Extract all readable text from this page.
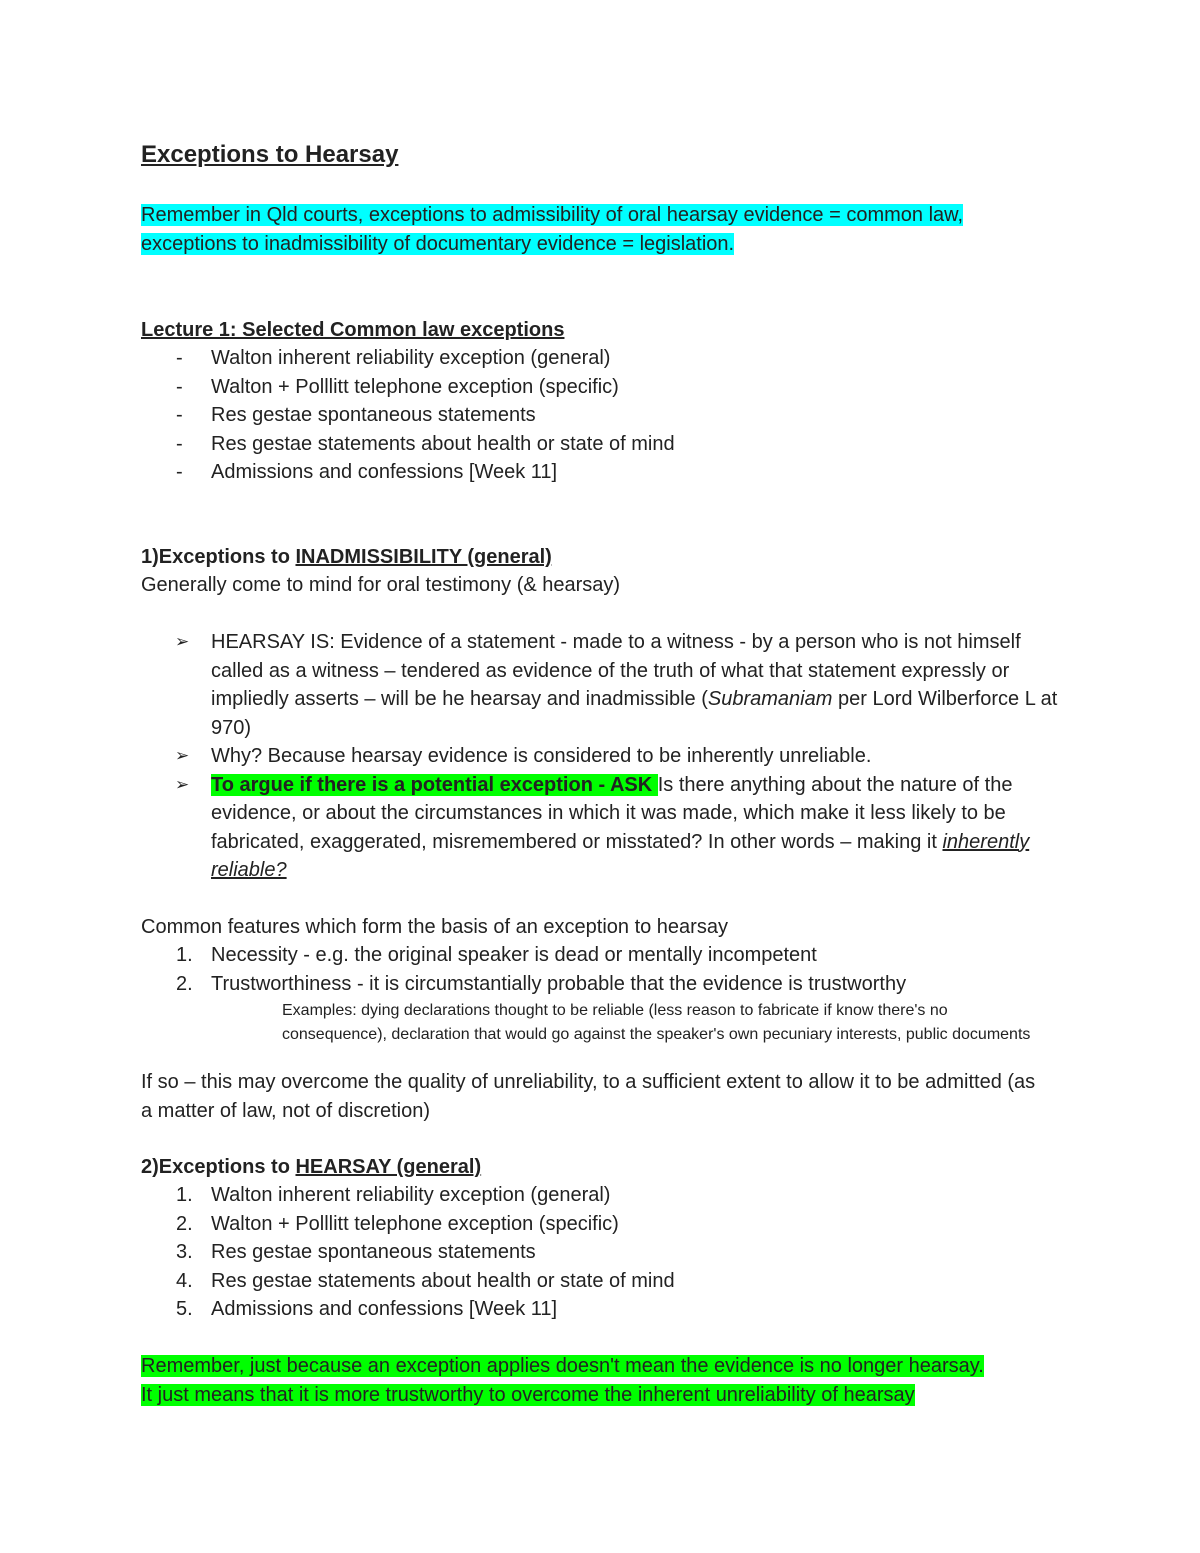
Exceptions to Hearsay
Remember in Qld courts, exceptions to admissibility of oral hearsay evidence = common law,
exceptions to inadmissibility of documentary evidence = legislation.
Lecture 1: Selected Common law exceptions
- Walton inherent reliability exception (general)
- Walton + Polllitt telephone exception (specific)
- Res gestae spontaneous statements
- Res gestae statements about health or state of mind
- Admissions and confessions [Week 11]
1)Exceptions to INADMISSIBILITY (general)
Generally come to mind for oral testimony (& hearsay)
➢ HEARSAY IS: Evidence of a statement - made to a witness - by a person who is not himself called as a witness – tendered as evidence of the truth of what that statement expressly or impliedly asserts – will be he hearsay and inadmissible (Subramaniam per Lord Wilberforce L at 970)
➢ Why? Because hearsay evidence is considered to be inherently unreliable.
➢ To argue if there is a potential exception - ASK Is there anything about the nature of the evidence, or about the circumstances in which it was made, which make it less likely to be fabricated, exaggerated, misremembered or misstated? In other words – making it inherently reliable?
Common features which form the basis of an exception to hearsay
1. Necessity - e.g. the original speaker is dead or mentally incompetent
2. Trustworthiness - it is circumstantially probable that the evidence is trustworthy
Examples: dying declarations thought to be reliable (less reason to fabricate if know there's no consequence), declaration that would go against the speaker's own pecuniary interests, public documents
If so – this may overcome the quality of unreliability, to a sufficient extent to allow it to be admitted (as a matter of law, not of discretion)
2)Exceptions to HEARSAY (general)
1. Walton inherent reliability exception (general)
2. Walton + Polllitt telephone exception (specific)
3. Res gestae spontaneous statements
4. Res gestae statements about health or state of mind
5. Admissions and confessions [Week 11]
Remember, just because an exception applies doesn't mean the evidence is no longer hearsay.
It just means that it is more trustworthy to overcome the inherent unreliability of hearsay
